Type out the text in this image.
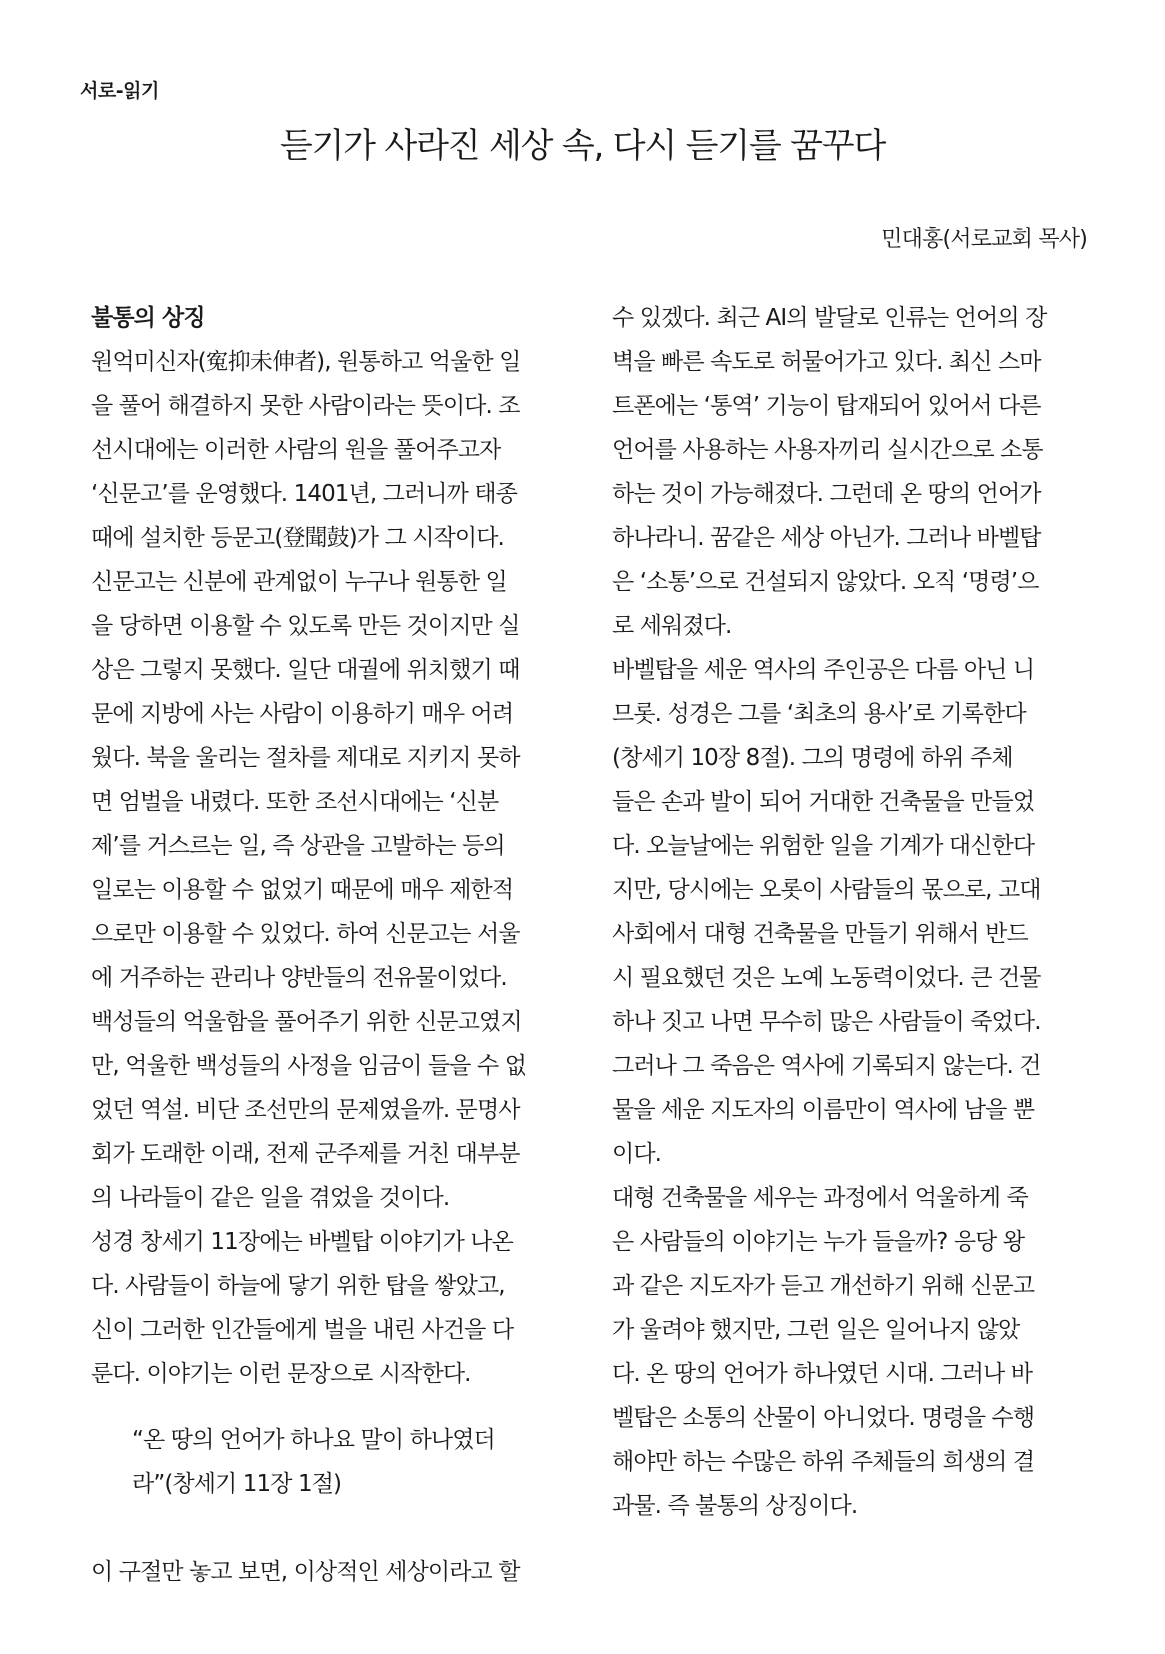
서로-읽기
듣기가 사라진 세상 속, 다시 듣기를 꿈꾸다
민대홍(서로교회 목사)
불통의 상징
원억미신자(寃抑未伸者), 원통하고 억울한 일
을 풀어 해결하지 못한 사람이라는 뜻이다. 조
선시대에는 이러한 사람의 원을 풀어주고자
‘신문고’를 운영했다. 1401년, 그러니까 태종
때에 설치한 등문고(登聞鼓)가 그 시작이다.
신문고는 신분에 관계없이 누구나 원통한 일
을 당하면 이용할 수 있도록 만든 것이지만 실
상은 그렇지 못했다. 일단 대궐에 위치했기 때
문에 지방에 사는 사람이 이용하기 매우 어려
웠다. 북을 울리는 절차를 제대로 지키지 못하
면 엄벌을 내렸다. 또한 조선시대에는 ‘신분
제’를 거스르는 일, 즉 상관을 고발하는 등의
일로는 이용할 수 없었기 때문에 매우 제한적
으로만 이용할 수 있었다. 하여 신문고는 서울
에 거주하는 관리나 양반들의 전유물이었다.
백성들의 억울함을 풀어주기 위한 신문고였지
만, 억울한 백성들의 사정을 임금이 들을 수 없
었던 역설. 비단 조선만의 문제였을까. 문명사
회가 도래한 이래, 전제 군주제를 거친 대부분
의 나라들이 같은 일을 겪었을 것이다.
성경 창세기 11장에는 바벨탑 이야기가 나온
다. 사람들이 하늘에 닿기 위한 탑을 쌓았고,
신이 그러한 인간들에게 벌을 내린 사건을 다
룬다. 이야기는 이런 문장으로 시작한다.
“온 땅의 언어가 하나요 말이 하나였더
라”(창세기 11장 1절)
이 구절만 놓고 보면, 이상적인 세상이라고 할
수 있겠다. 최근 AI의 발달로 인류는 언어의 장
벽을 빠른 속도로 허물어가고 있다. 최신 스마
트폰에는 ‘통역’ 기능이 탑재되어 있어서 다른
언어를 사용하는 사용자끼리 실시간으로 소통
하는 것이 가능해졌다. 그런데 온 땅의 언어가
하나라니. 꿈같은 세상 아닌가. 그러나 바벨탑
은 ‘소통’으로 건설되지 않았다. 오직 ‘명령’으
로 세워졌다.
바벨탑을 세운 역사의 주인공은 다름 아닌 니
므롯. 성경은 그를 ‘최초의 용사’로 기록한다
(창세기 10장 8절). 그의 명령에 하위 주체
들은 손과 발이 되어 거대한 건축물을 만들었
다. 오늘날에는 위험한 일을 기계가 대신한다
지만, 당시에는 오롯이 사람들의 몫으로, 고대
사회에서 대형 건축물을 만들기 위해서 반드
시 필요했던 것은 노예 노동력이었다. 큰 건물
하나 짓고 나면 무수히 많은 사람들이 죽었다.
그러나 그 죽음은 역사에 기록되지 않는다. 건
물을 세운 지도자의 이름만이 역사에 남을 뿐
이다.
대형 건축물을 세우는 과정에서 억울하게 죽
은 사람들의 이야기는 누가 들을까? 응당 왕
과 같은 지도자가 듣고 개선하기 위해 신문고
가 울려야 했지만, 그런 일은 일어나지 않았
다. 온 땅의 언어가 하나였던 시대. 그러나 바
벨탑은 소통의 산물이 아니었다. 명령을 수행
해야만 하는 수많은 하위 주체들의 희생의 결
과물. 즉 불통의 상징이다.
